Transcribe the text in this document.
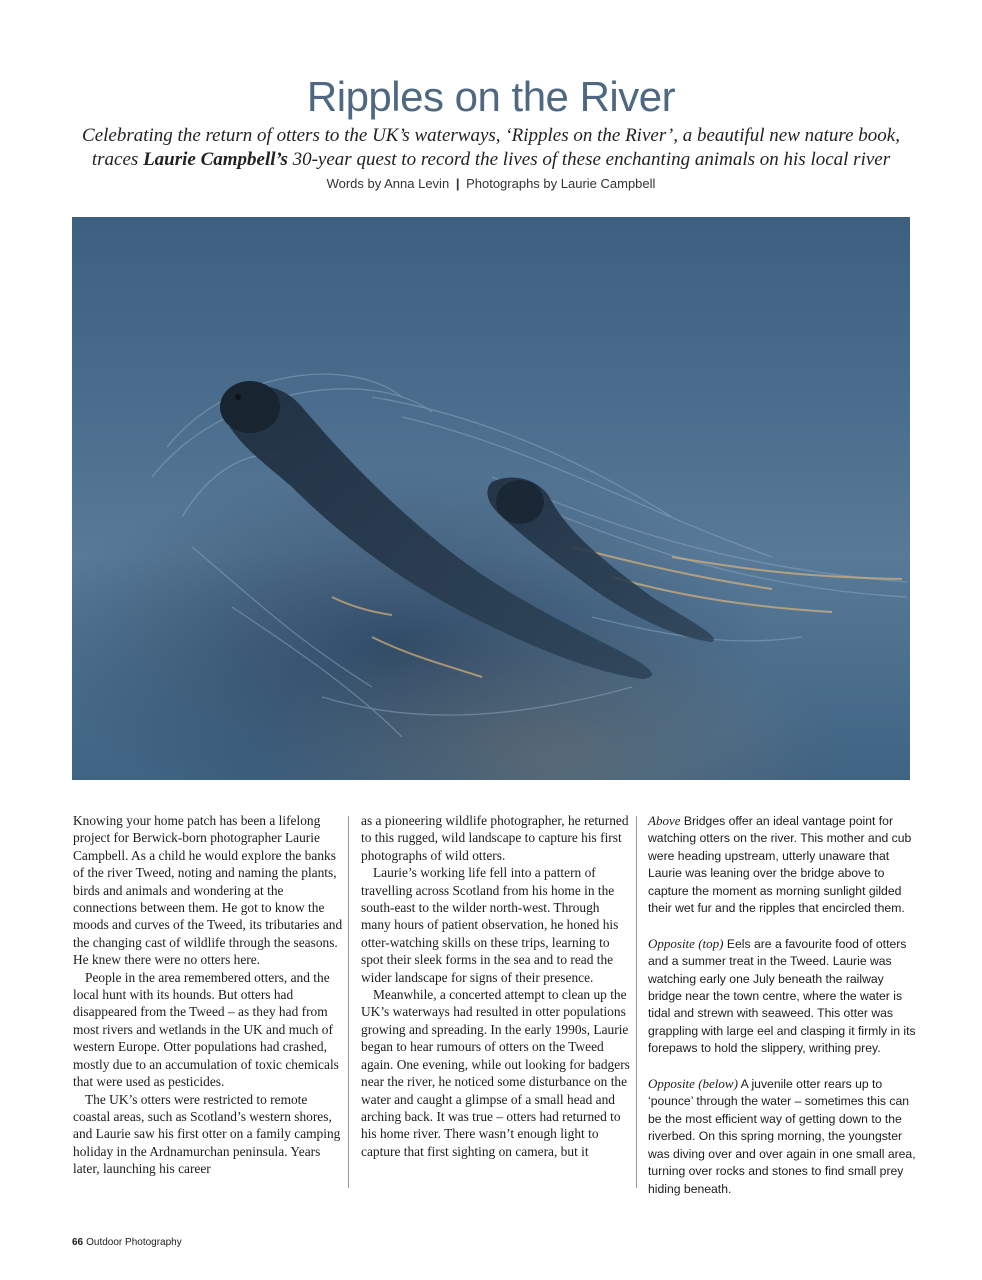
Ripples on the River

Celebrating the return of otters to the UK’s waterways, ‘Ripples on the River’, a beautiful new nature book,
traces Laurie Campbell’s 30-year quest to record the lives of these enchanting animals on his local river

Words by Anna Levin | Photographs by Laurie Campbell

Knowing your home patch has been a lifelong project for Berwick-born photographer Laurie Campbell. As a child he would explore the banks of the river Tweed, noting and naming the plants, birds and animals and wondering at the connections between them. He got to know the moods and curves of the Tweed, its tributaries and the changing cast of wildlife through the seasons. He knew there were no otters here.

People in the area remembered otters, and the local hunt with its hounds. But otters had disappeared from the Tweed – as they had from most rivers and wetlands in the UK and much of western Europe. Otter populations had crashed, mostly due to an accumulation of toxic chemicals that were used as pesticides.

The UK’s otters were restricted to remote coastal areas, such as Scotland’s western shores, and Laurie saw his first otter on a family camping holiday in the Ardnamurchan peninsula. Years later, launching his career

as a pioneering wildlife photographer, he returned to this rugged, wild landscape to capture his first photographs of wild otters.

Laurie’s working life fell into a pattern of travelling across Scotland from his home in the south-east to the wilder north-west. Through many hours of patient observation, he honed his otter-watching skills on these trips, learning to spot their sleek forms in the sea and to read the wider landscape for signs of their presence.

Meanwhile, a concerted attempt to clean up the UK’s waterways had resulted in otter populations growing and spreading. In the early 1990s, Laurie began to hear rumours of otters on the Tweed again. One evening, while out looking for badgers near the river, he noticed some disturbance on the water and caught a glimpse of a small head and arching back. It was true – otters had returned to his home river. There wasn’t enough light to capture that first sighting on camera, but it

Above Bridges offer an ideal vantage point for watching otters on the river. This mother and cub were heading upstream, utterly unaware that Laurie was leaning over the bridge above to capture the moment as morning sunlight gilded their wet fur and the ripples that encircled them.

Opposite (top) Eels are a favourite food of otters and a summer treat in the Tweed. Laurie was watching early one July beneath the railway bridge near the town centre, where the water is tidal and strewn with seaweed. This otter was grappling with large eel and clasping it firmly in its forepaws to hold the slippery, writhing prey.

Opposite (below) A juvenile otter rears up to ‘pounce’ through the water – sometimes this can be the most efficient way of getting down to the riverbed. On this spring morning, the youngster was diving over and over again in one small area, turning over rocks and stones to find small prey hiding beneath.

66 Outdoor Photography
